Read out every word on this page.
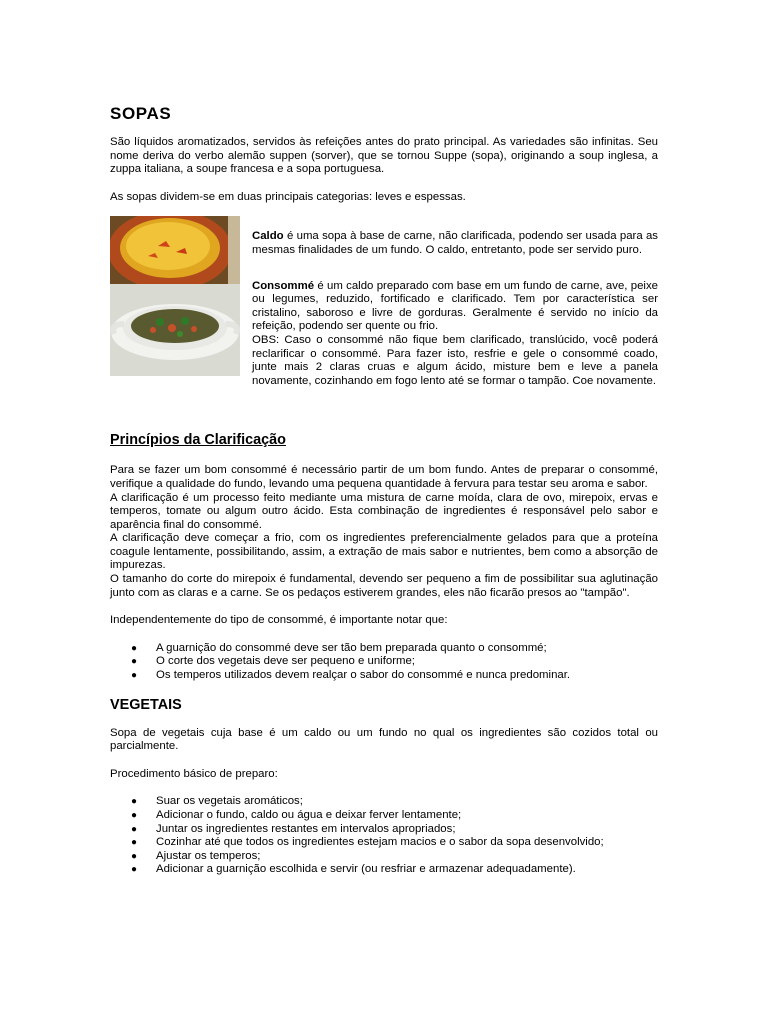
SOPAS

São líquidos aromatizados, servidos às refeições antes do prato principal. As variedades são infinitas. Seu nome deriva do verbo alemão suppen (sorver), que se tornou Suppe (sopa), originando a soup inglesa, a zuppa italiana, a soupe francesa e a sopa portuguesa.

As sopas dividem-se em duas principais categorias: leves e espessas.

Caldo é uma sopa à base de carne, não clarificada, podendo ser usada para as mesmas finalidades de um fundo. O caldo, entretanto, pode ser servido puro.

Consommé é um caldo preparado com base em um fundo de carne, ave, peixe ou legumes, reduzido, fortificado e clarificado. Tem por característica ser cristalino, saboroso e livre de gorduras. Geralmente é servido no início da refeição, podendo ser quente ou frio.

OBS: Caso o consommé não fique bem clarificado, translúcido, você poderá reclarificar o consommé. Para fazer isto, resfrie e gele o consommé coado, junte mais 2 claras cruas e algum ácido, misture bem e leve a panela novamente, cozinhando em fogo lento até se formar o tampão. Coe novamente.

Princípios da Clarificação

Para se fazer um bom consommé é necessário partir de um bom fundo. Antes de preparar o consommé, verifique a qualidade do fundo, levando uma pequena quantidade à fervura para testar seu aroma e sabor.

A clarificação é um processo feito mediante uma mistura de carne moída, clara de ovo, mirepoix, ervas e temperos, tomate ou algum outro ácido. Esta combinação de ingredientes é responsável pelo sabor e aparência final do consommé.

A clarificação deve começar a frio, com os ingredientes preferencialmente gelados para que a proteína coagule lentamente, possibilitando, assim, a extração de mais sabor e nutrientes, bem como a absorção de impurezas.

O tamanho do corte do mirepoix é fundamental, devendo ser pequeno a fim de possibilitar sua aglutinação junto com as claras e a carne. Se os pedaços estiverem grandes, eles não ficarão presos ao "tampão".

Independentemente do tipo de consommé, é importante notar que:

● A guarnição do consommé deve ser tão bem preparada quanto o consommé;
● O corte dos vegetais deve ser pequeno e uniforme;
● Os temperos utilizados devem realçar o sabor do consommé e nunca predominar.
VEGETAIS

Sopa de vegetais cuja base é um caldo ou um fundo no qual os ingredientes são cozidos total ou parcialmente.

Procedimento básico de preparo:

● Suar os vegetais aromáticos;
● Adicionar o fundo, caldo ou água e deixar ferver lentamente;
● Juntar os ingredientes restantes em intervalos apropriados;
● Cozinhar até que todos os ingredientes estejam macios e o sabor da sopa desenvolvido;
● Ajustar os temperos;
● Adicionar a guarnição escolhida e servir (ou resfriar e armazenar adequadamente).
